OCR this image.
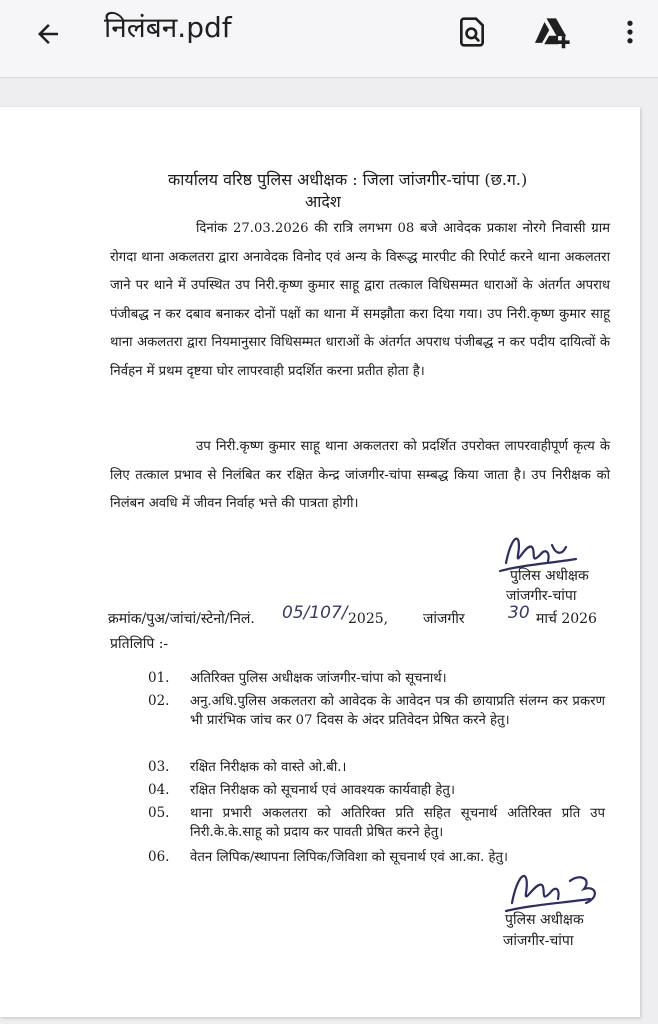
निलंबन.pdf
कार्यालय वरिष्ठ पुलिस अधीक्षक : जिला जांजगीर-चांपा (छ.ग.)
आदेश

दिनांक 27.03.2026 की रात्रि लगभग 08 बजे आवेदक प्रकाश नोरगे निवासी ग्राम रोगदा थाना अकलतरा द्वारा अनावेदक विनोद एवं अन्य के विरूद्ध मारपीट की रिपोर्ट करने थाना अकलतरा जाने पर थाने में उपस्थित उप निरी.कृष्ण कुमार साहू द्वारा तत्काल विधिसम्मत धाराओं के अंतर्गत अपराध पंजीबद्ध न कर दबाव बनाकर दोनों पक्षों का थाना में समझौता करा दिया गया। उप निरी.कृष्ण कुमार साहू थाना अकलतरा द्वारा नियमानुसार विधिसम्मत धाराओं के अंतर्गत अपराध पंजीबद्ध न कर पदीय दायित्वों के निर्वहन में प्रथम दृष्टया घोर लापरवाही प्रदर्शित करना प्रतीत होता है।

उप निरी.कृष्ण कुमार साहू थाना अकलतरा को प्रदर्शित उपरोक्त लापरवाहीपूर्ण कृत्य के लिए तत्काल प्रभाव से निलंबित कर रक्षित केन्द्र जांजगीर-चांपा सम्बद्ध किया जाता है। उप निरीक्षक को निलंबन अवधि में जीवन निर्वाह भत्ते की पात्रता होगी।

पुलिस अधीक्षक
जांजगीर-चांपा
क्रमांक/पुअ/जांचां/स्टेनो/निलं. 05/107/ 2025, जांजगीर	30 मार्च 2026
प्रतिलिपि :-
01. अतिरिक्त पुलिस अधीक्षक जांजगीर-चांपा को सूचनार्थ।
02. अनु.अधि.पुलिस अकलतरा को आवेदक के आवेदन पत्र की छायाप्रति संलग्न कर प्रकरण भी प्रारंभिक जांच कर 07 दिवस के अंदर प्रतिवेदन प्रेषित करने हेतु।
03. रक्षित निरीक्षक को वास्ते ओ.बी.।
04. रक्षित निरीक्षक को सूचनार्थ एवं आवश्यक कार्यवाही हेतु।
05. थाना प्रभारी अकलतरा को अतिरिक्त प्रति सहित सूचनार्थ अतिरिक्त प्रति उप निरी.के.के.साहू को प्रदाय कर पावती प्रेषित करने हेतु।
06. वेतन लिपिक/स्थापना लिपिक/जिविशा को सूचनार्थ एवं आ.का. हेतु।
पुलिस अधीक्षक
जांजगीर-चांपा
